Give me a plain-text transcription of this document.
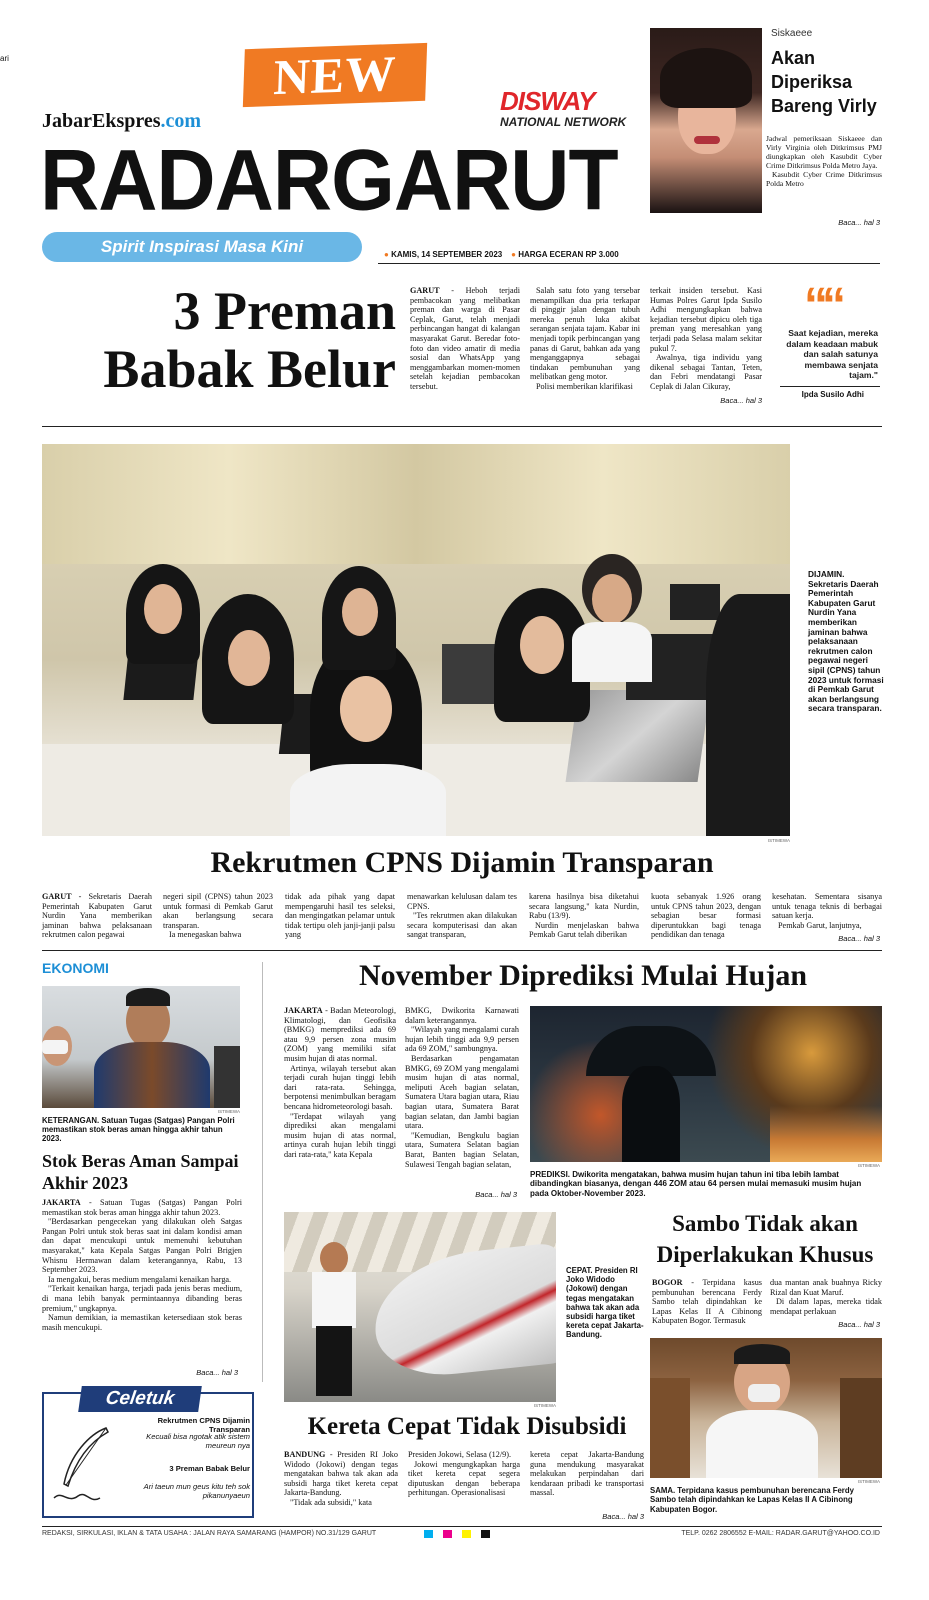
ari	NEW
JabarEkspres.com
DISWAY
NATIONAL NETWORK
RADARGARUT
Spirit Inspirasi Masa Kini	● KAMIS, 14 SEPTEMBER 2023 ● HARGA ECERAN RP 3.000
Siskaeee
Akan Diperiksa Bareng Virly

Jadwal pemeriksaan Siskaeee dan Virly Virginia oleh Ditkrimsus PMJ diungkapkan oleh Kasubdit Cyber Crime Ditkrimsus Polda Metro Jaya.

Kasubdit Cyber Crime Ditkrimsus Polda Metro

Baca... hal 3
3 Preman
Babak Belur

GARUT - Heboh terjadi pembacokan yang melibatkan preman dan warga di Pasar Ceplak, Garut, telah menjadi perbincangan hangat di kalangan masyarakat Garut. Beredar foto-foto dan video amatir di media sosial dan WhatsApp yang menggambarkan momen-momen setelah kejadian pembacokan tersebut.

Salah satu foto yang tersebar menampilkan dua pria terkapar di pinggir jalan dengan tubuh mereka penuh luka akibat serangan senjata tajam. Kabar ini menjadi topik perbincangan yang panas di Garut, bahkan ada yang menganggapnya sebagai tindakan pembunuhan yang melibatkan geng motor.

Polisi memberikan klarifikasi

terkait insiden tersebut. Kasi Humas Polres Garut Ipda Susilo Adhi mengungkapkan bahwa kejadian tersebut dipicu oleh tiga preman yang meresahkan yang terjadi pada Selasa malam sekitar pukul 7.

Awalnya, tiga individu yang dikenal sebagai Tantan, Teten, dan Febri mendatangi Pasar Ceplak di Jalan Cikuray,

Baca... hal 3
““
Saat kejadian, mereka dalam keadaan mabuk dan salah satunya membawa senjata tajam."
Ipda Susilo Adhi
ISTIMEWA
DIJAMIN. Sekretaris Daerah Pemerintah Kabupaten Garut Nurdin Yana memberikan jaminan bahwa pelaksanaan rekrutmen calon pegawai negeri sipil (CPNS) tahun 2023 untuk formasi di Pemkab Garut akan berlangsung secara transparan.
Rekrutmen CPNS Dijamin Transparan

GARUT - Sekretaris Daerah Pemerintah Kabupaten Garut Nurdin Yana memberikan jaminan bahwa pelaksanaan rekrutmen calon pegawai

negeri sipil (CPNS) tahun 2023 untuk formasi di Pemkab Garut akan berlangsung secara transparan.

Ia menegaskan bahwa

tidak ada pihak yang dapat mempengaruhi hasil tes seleksi, dan mengingatkan pelamar untuk tidak tertipu oleh janji-janji palsu yang

menawarkan kelulusan dalam tes CPNS.

"Tes rekrutmen akan dilakukan secara komputerisasi dan akan sangat transparan,

karena hasilnya bisa diketahui secara langsung," kata Nurdin, Rabu (13/9).

Nurdin menjelaskan bahwa Pemkab Garut telah diberikan

kuota sebanyak 1.926 orang untuk CPNS tahun 2023, dengan sebagian besar formasi diperuntukkan bagi tenaga pendidikan dan tenaga

kesehatan. Sementara sisanya untuk tenaga teknis di berbagai satuan kerja.

Pemkab Garut, lanjutnya,

Baca... hal 3
EKONOMI
ISTIMEWA
KETERANGAN. Satuan Tugas (Satgas) Pangan Polri memastikan stok beras aman hingga akhir tahun 2023.
Stok Beras Aman Sampai Akhir 2023

JAKARTA - Satuan Tugas (Satgas) Pangan Polri memastikan stok beras aman hingga akhir tahun 2023.

"Berdasarkan pengecekan yang dilakukan oleh Satgas Pangan Polri untuk stok beras saat ini dalam kondisi aman dan dapat mencukupi untuk memenuhi kebutuhan masyarakat," kata Kepala Satgas Pangan Polri Brigjen Whisnu Hermawan dalam keterangannya, Rabu, 13 September 2023.

Ia mengakui, beras medium mengalami kenaikan harga.

"Terkait kenaikan harga, terjadi pada jenis beras medium, di mana lebih banyak permintaannya dibanding beras premium," ungkapnya.

Namun demikian, ia memastikan ketersediaan stok beras masih mencukupi.

Baca... hal 3
Celetuk
Rekrutmen CPNS Dijamin Transparan
Kecuali bisa ngotak atik sistem meureun nya
3 Preman Babak Belur
Ari taeun mun geus kitu teh sok pikanunyaeun
November Diprediksi Mulai Hujan

JAKARTA - Badan Meteorologi, Klimatologi, dan Geofisika (BMKG) memprediksi ada 69 atau 9,9 persen zona musim (ZOM) yang memiliki sifat musim hujan di atas normal.

Artinya, wilayah tersebut akan terjadi curah hujan tinggi lebih dari rata-rata. Sehingga, berpotensi menimbulkan beragam bencana hidrometeorologi basah.

"Terdapat wilayah yang diprediksi akan mengalami musim hujan di atas normal, artinya curah hujan lebih tinggi dari rata-rata," kata Kepala

BMKG, Dwikorita Karnawati dalam keterangannya.

"Wilayah yang mengalami curah hujan lebih tinggi ada 9,9 persen ada 69 ZOM," sambungnya.

Berdasarkan pengamatan BMKG, 69 ZOM yang mengalami musim hujan di atas normal, meliputi Aceh bagian selatan, Sumatera Utara bagian utara, Riau bagian utara, Sumatera Barat bagian selatan, dan Jambi bagian utara.

"Kemudian, Bengkulu bagian utara, Sumatera Selatan bagian Barat, Banten bagian Selatan, Sulawesi Tengah bagian selatan,

Baca... hal 3
ISTIMEWA
PREDIKSI. Dwikorita mengatakan, bahwa musim hujan tahun ini tiba lebih lambat dibandingkan biasanya, dengan 446 ZOM atau 64 persen mulai memasuki musim hujan pada Oktober-November 2023.
ISTIMEWA
CEPAT. Presiden RI Joko Widodo (Jokowi) dengan tegas mengatakan bahwa tak akan ada subsidi harga tiket kereta cepat Jakarta-Bandung.
Kereta Cepat Tidak Disubsidi

BANDUNG - Presiden RI Joko Widodo (Jokowi) dengan tegas mengatakan bahwa tak akan ada subsidi harga tiket kereta cepat Jakarta-Bandung.

"Tidak ada subsidi," kata

Presiden Jokowi, Selasa (12/9).

Jokowi mengungkapkan harga tiket kereta cepat segera diputuskan dengan beberapa perhitungan. Operasionalisasi

kereta cepat Jakarta-Bandung guna mendukung masyarakat melakukan perpindahan dari kendaraan pribadi ke transportasi massal.

Baca... hal 3
Sambo Tidak akan
Diperlakukan Khusus

BOGOR - Terpidana kasus pembunuhan berencana Ferdy Sambo telah dipindahkan ke Lapas Kelas II A Cibinong Kabupaten Bogor. Termasuk

dua mantan anak buahnya Ricky Rizal dan Kuat Maruf.

Di dalam lapas, mereka tidak mendapat perlakuan

Baca... hal 3
ISTIMEWA
SAMA. Terpidana kasus pembunuhan berencana Ferdy Sambo telah dipindahkan ke Lapas Kelas II A Cibinong Kabupaten Bogor.
REDAKSI, SIRKULASI, IKLAN & TATA USAHA : JALAN RAYA SAMARANG (HAMPOR) NO.31/129 GARUT	TELP. 0262 2806552 E-MAIL: RADAR.GARUT@YAHOO.CO.ID
